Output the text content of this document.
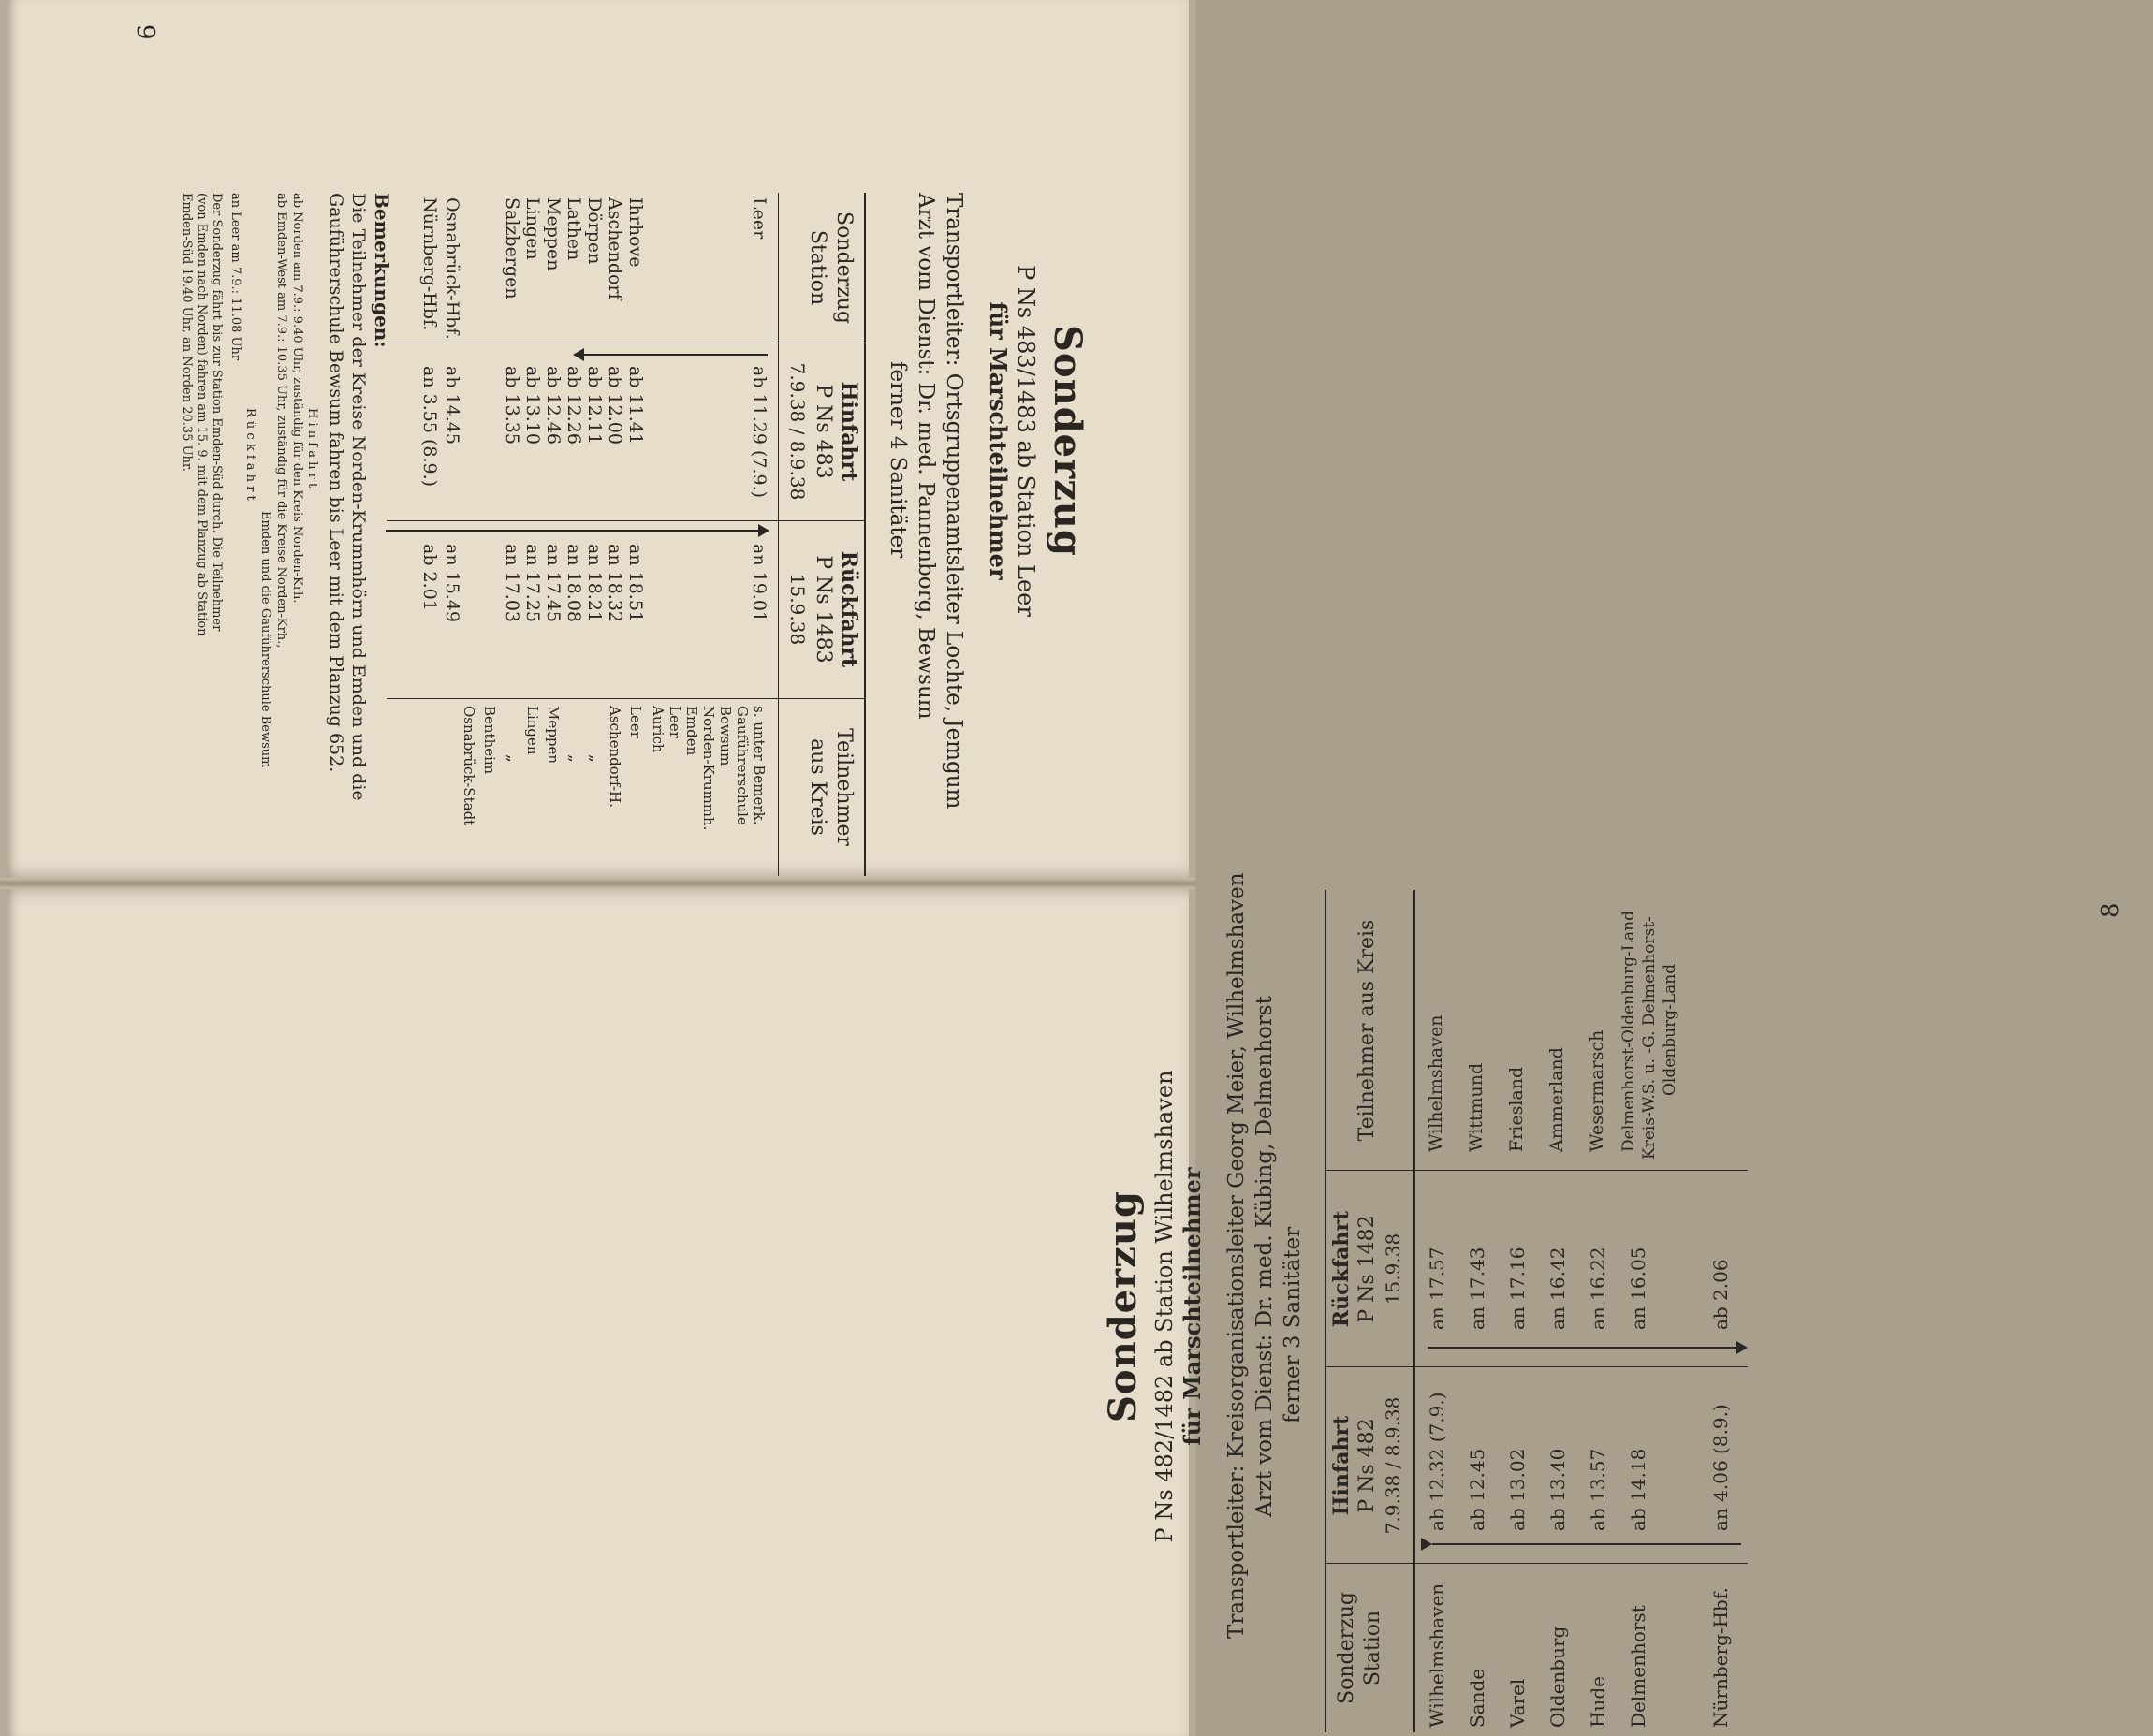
Sonderzug
P Ns 483/1483 ab Station Leer
für Marschteilnehmer
Transportleiter: Ortsgruppenamtsleiter Lochte, Jemgum
Arzt vom Dienst: Dr. med. Pannenborg, Bewsum
ferner 4 Sanitäter
Sonderzug
Station
Hinfahrt
P Ns 483
7.9.38 / 8.9.38
Rückfahrt
P Ns 1483
15.9.38
Teilnehmer
aus Kreis
Leer
ab 11.29 (7.9.)
an 19.01
s. unter Bemerk.
Gauführerschule
Bewsum
Norden-Krummh.
Emden
Leer
Aurich
Ihrhove
ab 11.41
an 18.51
Leer
Aschendorf
ab 12.00
an 18.32
Aschendorf-H.
Dörpen
ab 12.11
an 18.21
„
Lathen
ab 12.26
an 18.08
„
Meppen
ab 12.46
an 17.45
Meppen
Lingen
ab 13.10
an 17.25
Lingen
Salzbergen
ab 13.35
an 17.03
„
Bentheim
Osnabrück-Hbf.
ab 14.45
an 15.49
Osnabrück-Stadt
Nürnberg-Hbf.
an 3.55 (8.9.)
ab 2.01
Bemerkungen:
Die Teilnehmer der Kreise Norden-Krummhörn und Emden und die
Gauführerschule Bewsum fahren bis Leer mit dem Planzug 652.
H i n f a h r t
ab Norden am 7.9.: 9.40 Uhr, zuständig für den Kreis Norden-Krh.
ab Emden-West am 7.9.: 10.35 Uhr, zuständig für die Kreise Norden-Krh.,
Emden und die Gauführerschule Bewsum
R ü c k f a h r t
an Leer am 7.9.: 11.08 Uhr
Der Sonderzug fährt bis zur Station Emden-Süd durch. Die Teilnehmer
(von Emden nach Norden) fahren am 15. 9. mit dem Planzug ab Station
Emden-Süd 19.40 Uhr, an Norden 20.35 Uhr.
9
Sonderzug P Ns 482/1482 ab Station Wilhelmshaven für Marschteilnehmer Transportleiter: Kreisorganisationsleiter Georg Meier, Wilhelmshaven Arzt vom Dienst: Dr. med. Kübing, Delmenhorst ferner 3 Sanitäter
Sonderzug Station
Hinfahrt P Ns 482 7.9.38 / 8.9.38
Rückfahrt P Ns 1482 15.9.38
Teilnehmer aus Kreis
Wilhelmshaven
ab 12.32 (7.9.)
an 17.57
Wilhelmshaven
Sande
ab 12.45
an 17.43
Wittmund
Varel
ab 13.02
an 17.16
Friesland
Oldenburg
ab 13.40
an 16.42
Ammerland
Hude
ab 13.57
an 16.22
Wesermarsch
Delmenhorst
ab 14.18
an 16.05
Delmenhorst-Oldenburg-Land Kreis-W.S. u. -G. Delmenhorst- Oldenburg-Land
Nürnberg-Hbf.
an 4.06 (8.9.)
ab 2.06
8
